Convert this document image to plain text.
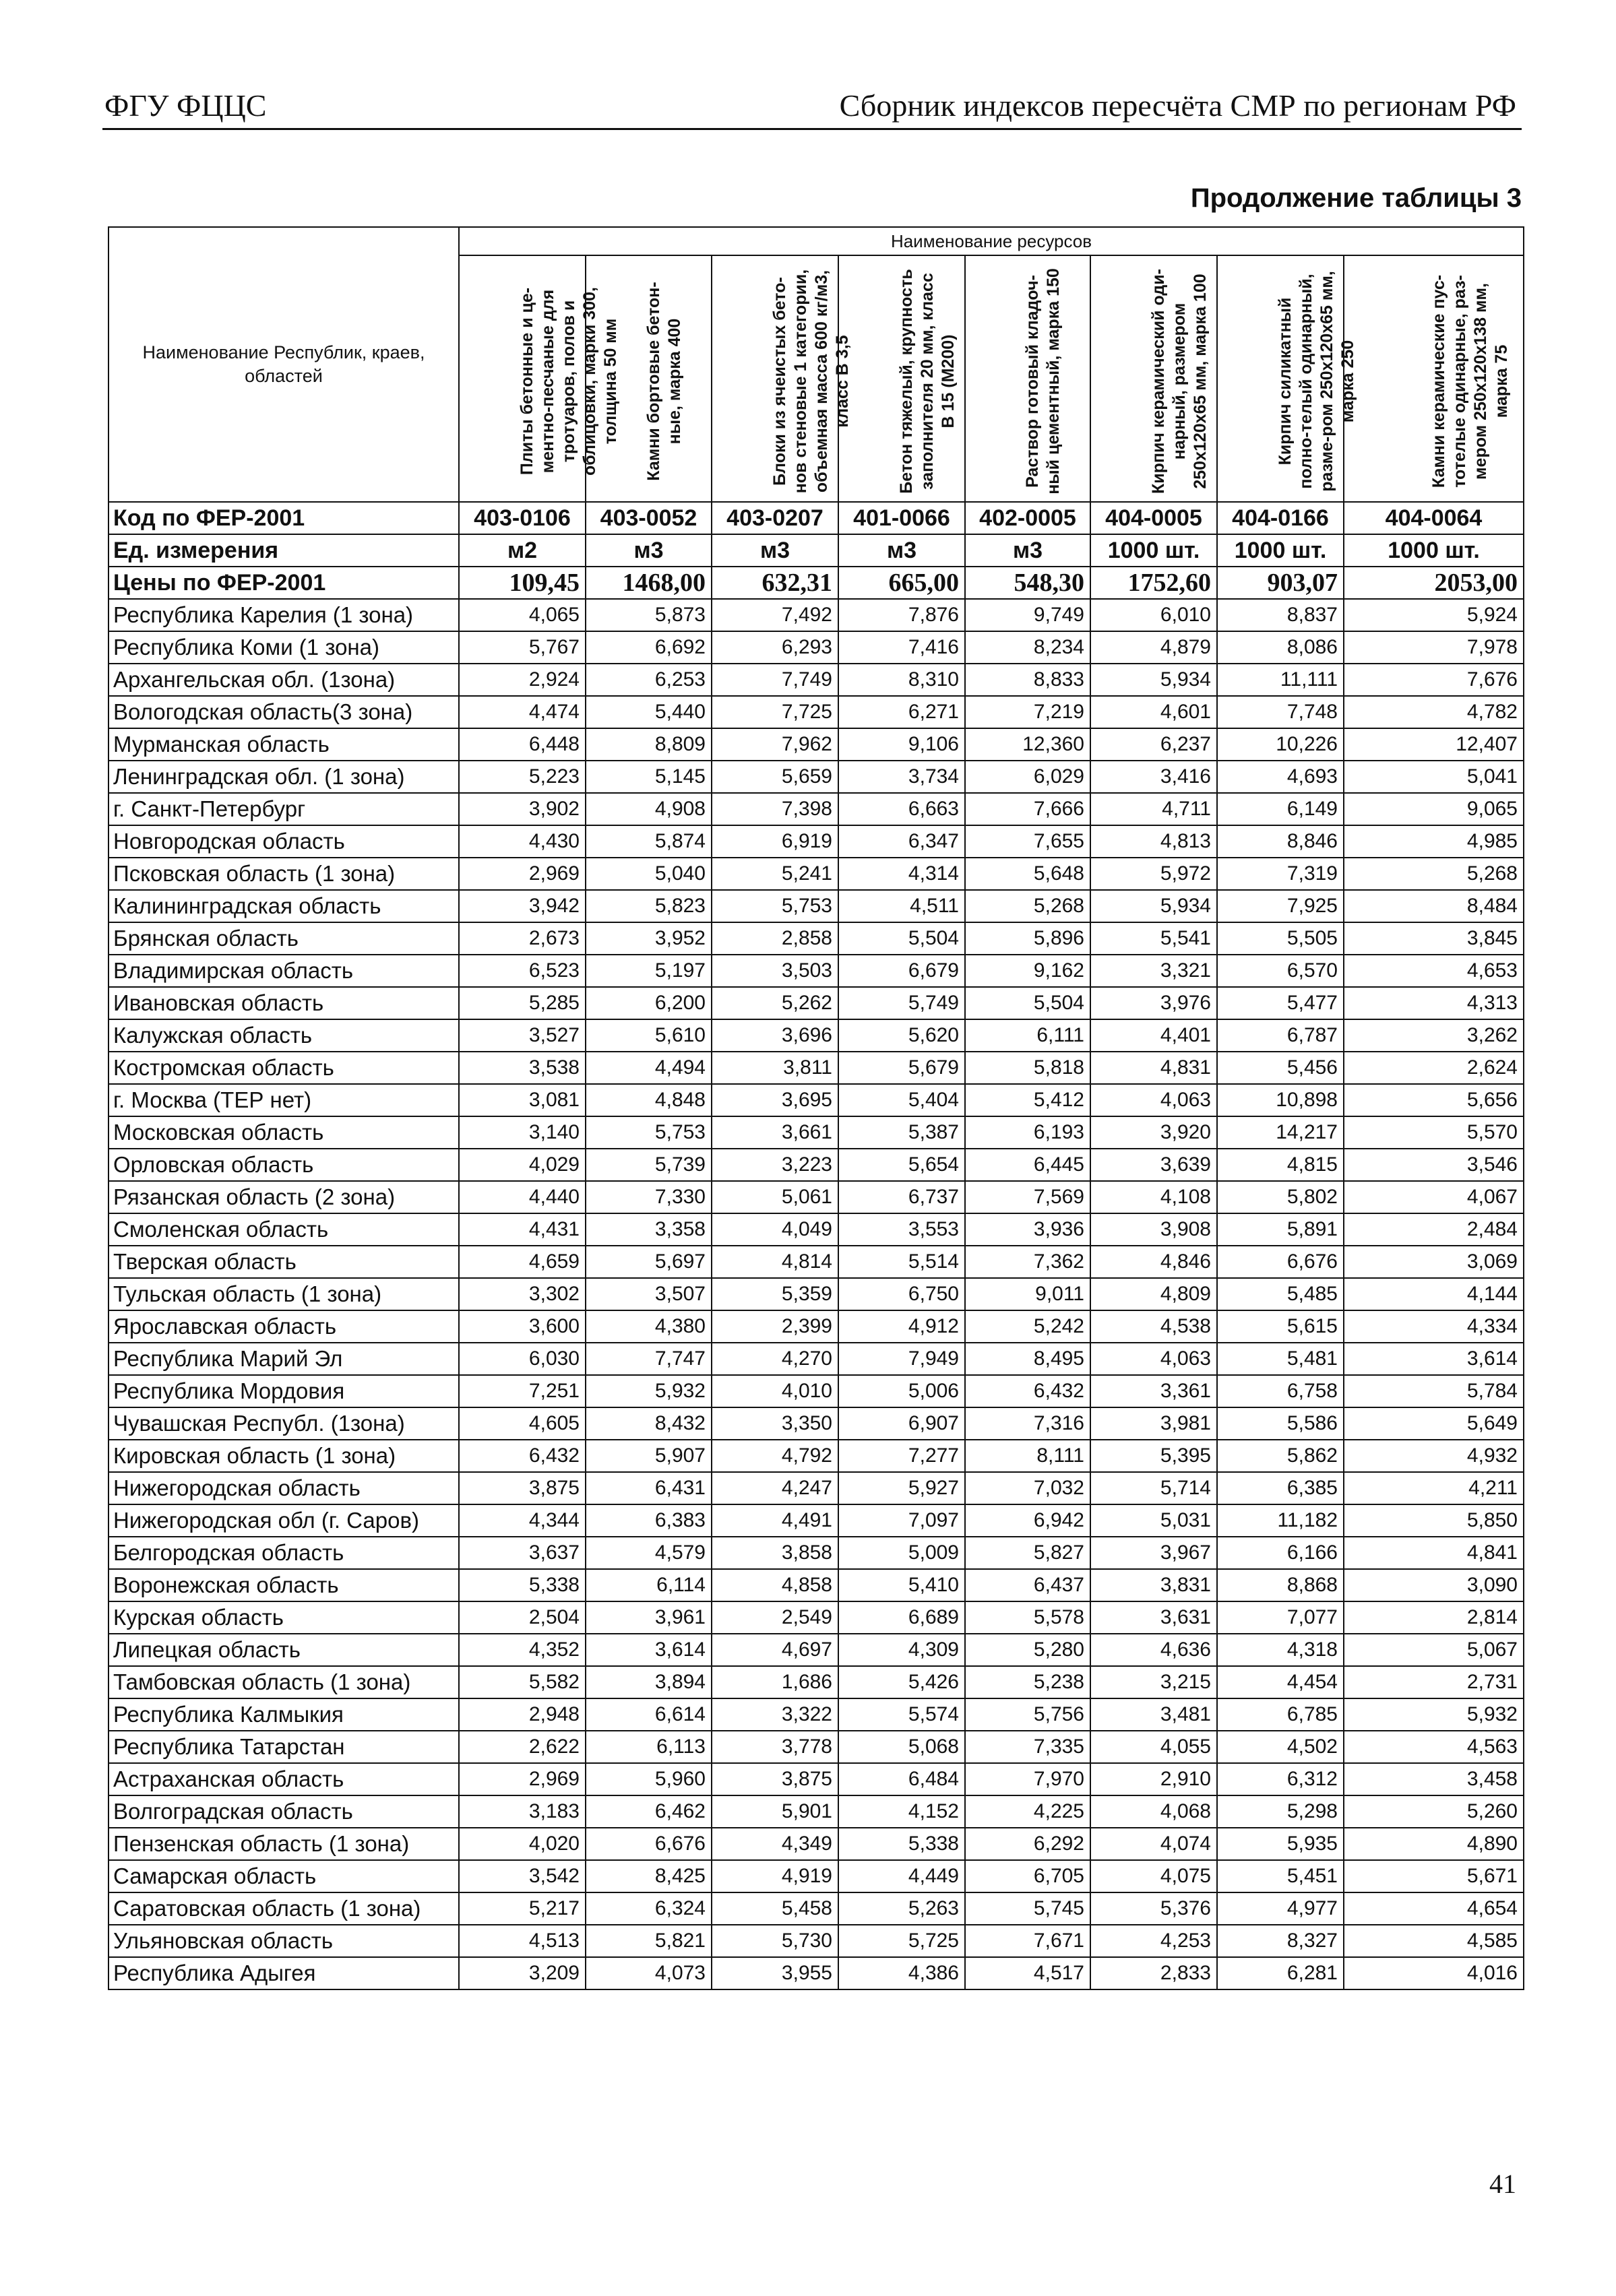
ФГУ ФЦЦС	Сборник индексов пересчёта СМР по регионам РФ
Продолжение таблицы 3
Наименование Республик, краев, областей	Наименование ресурсов							

	Плиты бетонные и це-ментно-песчаные для тротуаров, полов и облицовки, марки 300, толщина 50 мм	Камни бортовые бетон-ные, марка 400	Блоки из ячеистых бето-нов стеновые 1 категории, объемная масса 600 кг/м3, класс В 3,5	Бетон тяжелый, крупность заполнителя 20 мм, класс В 15 (М200)	Раствор готовый кладоч-ный цементный, марка 150	Кирпич керамический оди-нарный, размером 250х120х65 мм, марка 100	Кирпич силикатный полно-телый одинарный, разме-ром 250х120х65 мм, марка 250	Камни керамические пус-тотелые одинарные, раз-мером 250х120х138 мм, марка 75

Код по ФЕР-2001	403-0106	403-0052	403-0207	401-0066	402-0005	404-0005	404-0166	404-0064
Ед. измерения	м2	м3	м3	м3	м3	1000 шт.	1000 шт.	1000 шт.
Цены по ФЕР-2001	109,45	1468,00	632,31	665,00	548,30	1752,60	903,07	2053,00
Республика Карелия (1 зона)	4,065	5,873	7,492	7,876	9,749	6,010	8,837	5,924
Республика Коми (1 зона)	5,767	6,692	6,293	7,416	8,234	4,879	8,086	7,978
Архангельская обл. (1зона)	2,924	6,253	7,749	8,310	8,833	5,934	11,111	7,676
Вологодская область(3 зона)	4,474	5,440	7,725	6,271	7,219	4,601	7,748	4,782
Мурманская область	6,448	8,809	7,962	9,106	12,360	6,237	10,226	12,407
Ленинградская обл. (1 зона)	5,223	5,145	5,659	3,734	6,029	3,416	4,693	5,041
г. Санкт-Петербург	3,902	4,908	7,398	6,663	7,666	4,711	6,149	9,065
Новгородская область	4,430	5,874	6,919	6,347	7,655	4,813	8,846	4,985
Псковская область (1 зона)	2,969	5,040	5,241	4,314	5,648	5,972	7,319	5,268
Калининградская область	3,942	5,823	5,753	4,511	5,268	5,934	7,925	8,484
Брянская область	2,673	3,952	2,858	5,504	5,896	5,541	5,505	3,845
Владимирская область	6,523	5,197	3,503	6,679	9,162	3,321	6,570	4,653
Ивановская область	5,285	6,200	5,262	5,749	5,504	3,976	5,477	4,313
Калужская область	3,527	5,610	3,696	5,620	6,111	4,401	6,787	3,262
Костромская область	3,538	4,494	3,811	5,679	5,818	4,831	5,456	2,624
г. Москва (ТЕР нет)	3,081	4,848	3,695	5,404	5,412	4,063	10,898	5,656
Московская область	3,140	5,753	3,661	5,387	6,193	3,920	14,217	5,570
Орловская область	4,029	5,739	3,223	5,654	6,445	3,639	4,815	3,546
Рязанская область (2 зона)	4,440	7,330	5,061	6,737	7,569	4,108	5,802	4,067
Смоленская область	4,431	3,358	4,049	3,553	3,936	3,908	5,891	2,484
Тверская область	4,659	5,697	4,814	5,514	7,362	4,846	6,676	3,069
Тульская область (1 зона)	3,302	3,507	5,359	6,750	9,011	4,809	5,485	4,144
Ярославская область	3,600	4,380	2,399	4,912	5,242	4,538	5,615	4,334
Республика Марий Эл	6,030	7,747	4,270	7,949	8,495	4,063	5,481	3,614
Республика Мордовия	7,251	5,932	4,010	5,006	6,432	3,361	6,758	5,784
Чувашская Республ. (1зона)	4,605	8,432	3,350	6,907	7,316	3,981	5,586	5,649
Кировская область (1 зона)	6,432	5,907	4,792	7,277	8,111	5,395	5,862	4,932
Нижегородская область	3,875	6,431	4,247	5,927	7,032	5,714	6,385	4,211
Нижегородская обл (г. Саров)	4,344	6,383	4,491	7,097	6,942	5,031	11,182	5,850
Белгородская область	3,637	4,579	3,858	5,009	5,827	3,967	6,166	4,841
Воронежская область	5,338	6,114	4,858	5,410	6,437	3,831	8,868	3,090
Курская область	2,504	3,961	2,549	6,689	5,578	3,631	7,077	2,814
Липецкая область	4,352	3,614	4,697	4,309	5,280	4,636	4,318	5,067
Тамбовская область (1 зона)	5,582	3,894	1,686	5,426	5,238	3,215	4,454	2,731
Республика Калмыкия	2,948	6,614	3,322	5,574	5,756	3,481	6,785	5,932
Республика Татарстан	2,622	6,113	3,778	5,068	7,335	4,055	4,502	4,563
Астраханская область	2,969	5,960	3,875	6,484	7,970	2,910	6,312	3,458
Волгоградская область	3,183	6,462	5,901	4,152	4,225	4,068	5,298	5,260
Пензенская область (1 зона)	4,020	6,676	4,349	5,338	6,292	4,074	5,935	4,890
Самарская область	3,542	8,425	4,919	4,449	6,705	4,075	5,451	5,671
Саратовская область (1 зона)	5,217	6,324	5,458	5,263	5,745	5,376	4,977	4,654
Ульяновская область	4,513	5,821	5,730	5,725	7,671	4,253	8,327	4,585
Республика Адыгея	3,209	4,073	3,955	4,386	4,517	2,833	6,281	4,016
41
